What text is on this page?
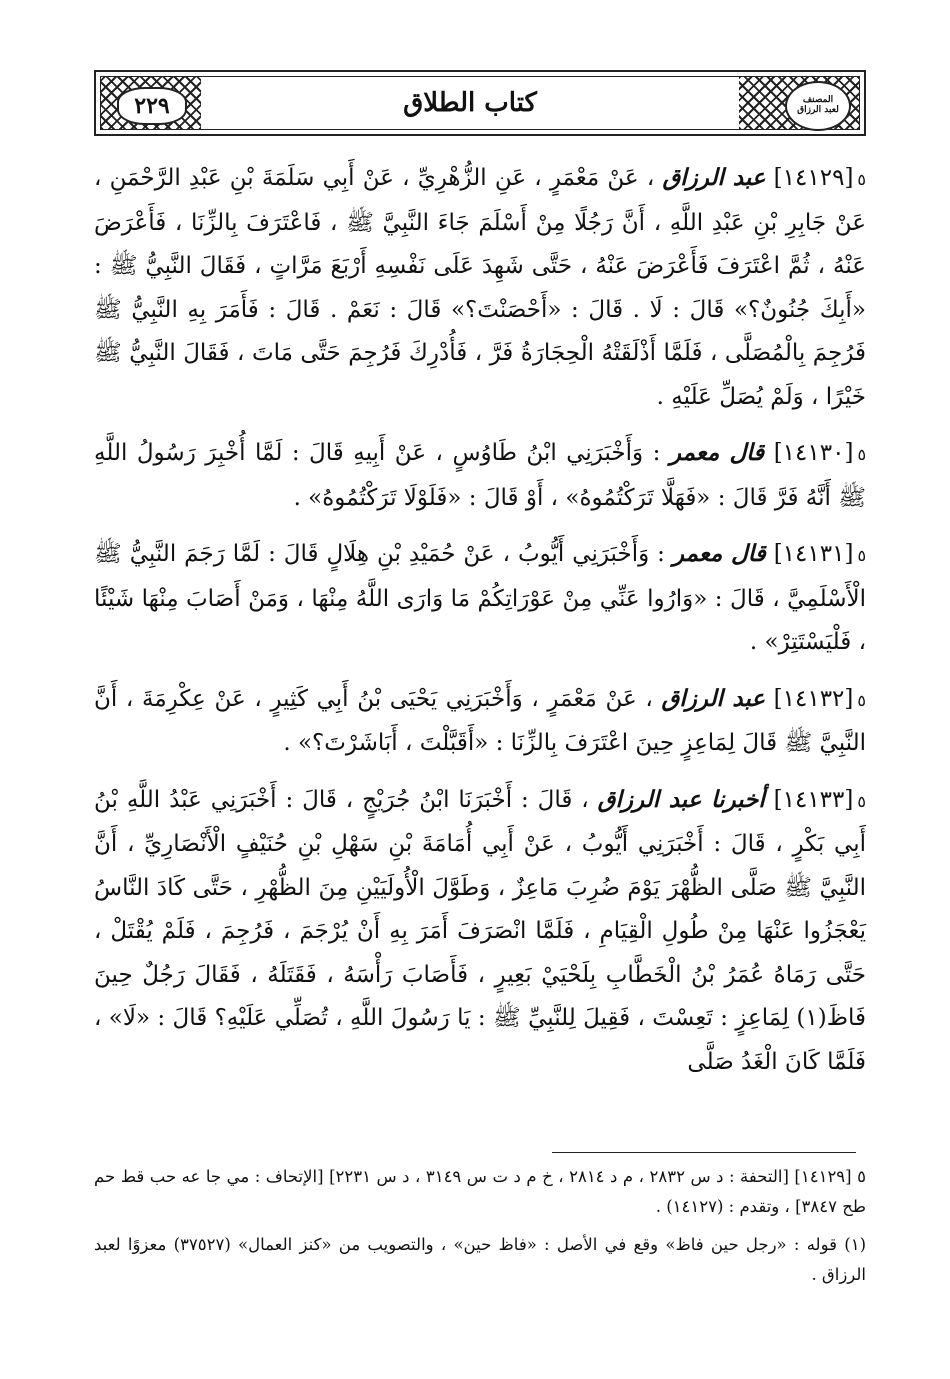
٢٢٩	كتاب الطلاق	المصنف
لعبد الرزاق

٥[١٤١٢٩] عبد الرزاق ، عَنْ مَعْمَرٍ ، عَنِ الزُّهْرِيِّ ، عَنْ أَبِي سَلَمَةَ بْنِ عَبْدِ الرَّحْمَنِ ، عَنْ جَابِرِ بْنِ عَبْدِ اللَّهِ ، أَنَّ رَجُلًا مِنْ أَسْلَمَ جَاءَ النَّبِيَّ ﷺ ، فَاعْتَرَفَ بِالزِّنَا ، فَأَعْرَضَ عَنْهُ ، ثُمَّ اعْتَرَفَ فَأَعْرَضَ عَنْهُ ، حَتَّى شَهِدَ عَلَى نَفْسِهِ أَرْبَعَ مَرَّاتٍ ، فَقَالَ النَّبِيُّ ﷺ : «أَبِكَ جُنُونٌ؟» قَالَ : لَا . قَالَ : «أَحْصَنْتَ؟» قَالَ : نَعَمْ . قَالَ : فَأَمَرَ بِهِ النَّبِيُّ ﷺ فَرُجِمَ بِالْمُصَلَّى ، فَلَمَّا أَذْلَقَتْهُ الْحِجَارَةُ فَرَّ ، فَأُدْرِكَ فَرُجِمَ حَتَّى مَاتَ ، فَقَالَ النَّبِيُّ ﷺ خَيْرًا ، وَلَمْ يُصَلِّ عَلَيْهِ .

٥[١٤١٣٠] قال معمر : وَأَخْبَرَنِي ابْنُ طَاوُسٍ ، عَنْ أَبِيهِ قَالَ : لَمَّا أُخْبِرَ رَسُولُ اللَّهِ ﷺ أَنَّهُ فَرَّ قَالَ : «فَهَلَّا تَرَكْتُمُوهُ» ، أَوْ قَالَ : «فَلَوْلَا تَرَكْتُمُوهُ» .

٥[١٤١٣١] قال معمر : وَأَخْبَرَنِي أَيُّوبُ ، عَنْ حُمَيْدِ بْنِ هِلَالٍ قَالَ : لَمَّا رَجَمَ النَّبِيُّ ﷺ الْأَسْلَمِيَّ ، قَالَ : «وَارُوا عَنِّي مِنْ عَوْرَاتِكُمْ مَا وَارَى اللَّهُ مِنْهَا ، وَمَنْ أَصَابَ مِنْهَا شَيْئًا ، فَلْيَسْتَتِرْ» .

٥[١٤١٣٢] عبد الرزاق ، عَنْ مَعْمَرٍ ، وَأَخْبَرَنِي يَحْيَى بْنُ أَبِي كَثِيرٍ ، عَنْ عِكْرِمَةَ ، أَنَّ النَّبِيَّ ﷺ قَالَ لِمَاعِزٍ حِينَ اعْتَرَفَ بِالزِّنَا : «أَقَبَّلْتَ ، أَبَاشَرْتَ؟» .

٥[١٤١٣٣] أخبرنا عبد الرزاق ، قَالَ : أَخْبَرَنَا ابْنُ جُرَيْجٍ ، قَالَ : أَخْبَرَنِي عَبْدُ اللَّهِ بْنُ أَبِي بَكْرٍ ، قَالَ : أَخْبَرَنِي أَيُّوبُ ، عَنْ أَبِي أُمَامَةَ بْنِ سَهْلِ بْنِ حُنَيْفٍ الْأَنْصَارِيِّ ، أَنَّ النَّبِيَّ ﷺ صَلَّى الظُّهْرَ يَوْمَ ضُرِبَ مَاعِزٌ ، وَطَوَّلَ الْأُولَيَيْنِ مِنَ الظُّهْرِ ، حَتَّى كَادَ النَّاسُ يَعْجَزُوا عَنْهَا مِنْ طُولِ الْقِيَامِ ، فَلَمَّا انْصَرَفَ أَمَرَ بِهِ أَنْ يُرْجَمَ ، فَرُجِمَ ، فَلَمْ يُقْتَلْ ، حَتَّى رَمَاهُ عُمَرُ بْنُ الْخَطَّابِ بِلَحْيَيْ بَعِيرٍ ، فَأَصَابَ رَأْسَهُ ، فَقَتَلَهُ ، فَقَالَ رَجُلٌ حِينَ فَاظَ(١) لِمَاعِزٍ : تَعِسْتَ ، فَقِيلَ لِلنَّبِيِّ ﷺ : يَا رَسُولَ اللَّهِ ، تُصَلِّي عَلَيْهِ؟ قَالَ : «لَا» ، فَلَمَّا كَانَ الْغَدُ صَلَّى

٥ [١٤١٢٩] [التحفة : د س ٢٨٣٢ ، م د ٢٨١٤ ، خ م د ت س ٣١٤٩ ، د س ٢٢٣١] [الإتحاف : مي جا عه حب قط حم طح ٣٨٤٧] ، وتقدم : (١٤١٢٧) .

(١) قوله : «رجل حين فاظ» وقع في الأصل : «فاظ حين» ، والتصويب من «كنز العمال» (٣٧٥٢٧) معزوًا لعبد الرزاق .
